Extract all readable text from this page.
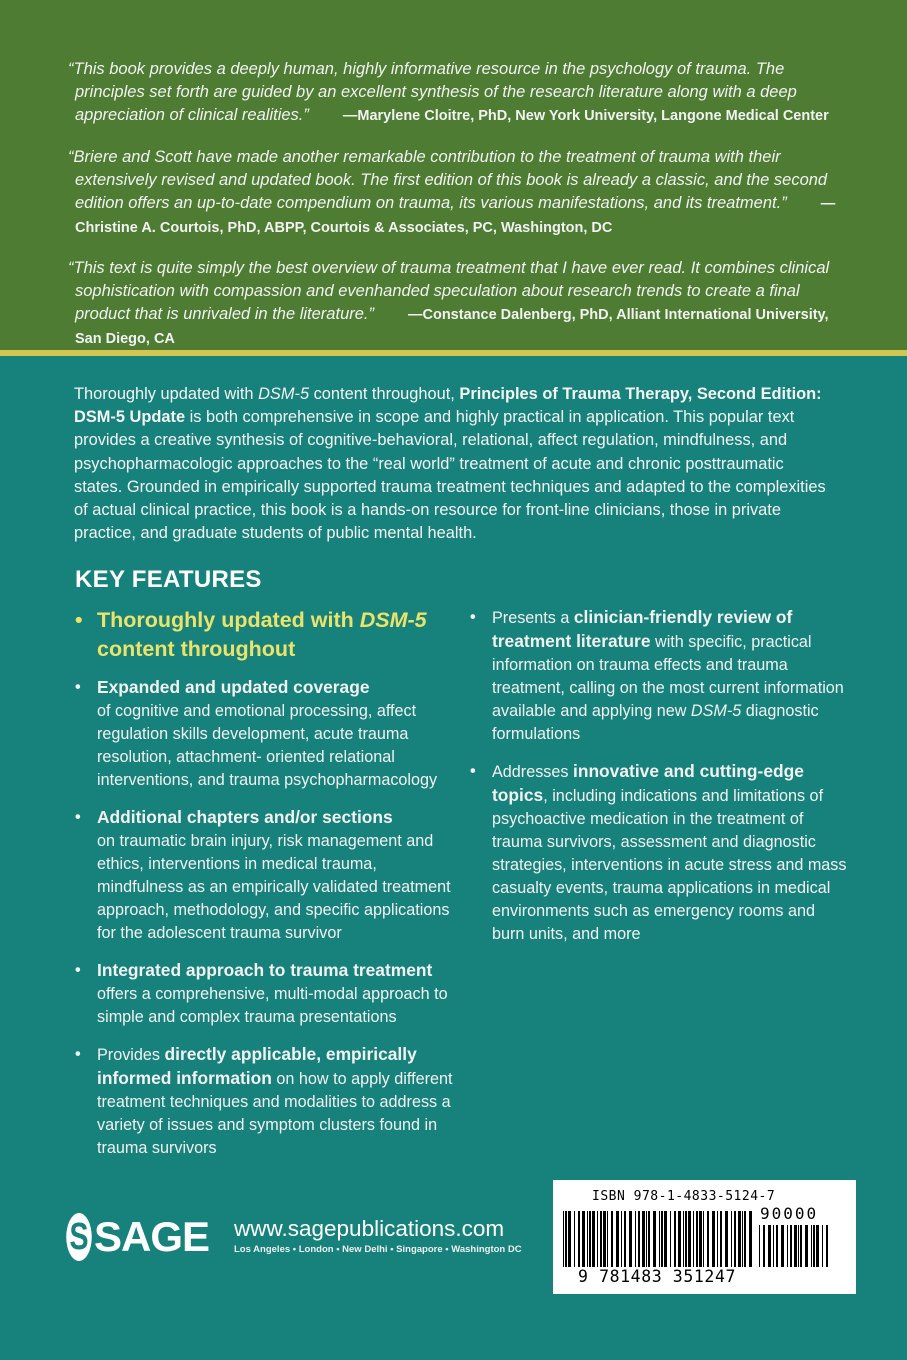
“This book provides a deeply human, highly informative resource in the psychology of trauma. The principles set forth are guided by an excellent synthesis of the research literature along with a deep appreciation of clinical realities.” —Marylene Cloitre, PhD, New York University, Langone Medical Center

“Briere and Scott have made another remarkable contribution to the treatment of trauma with their extensively revised and updated book. The first edition of this book is already a classic, and the second edition offers an up-to-date compendium on trauma, its various manifestations, and its treatment.” —Christine A. Courtois, PhD, ABPP, Courtois & Associates, PC, Washington, DC

“This text is quite simply the best overview of trauma treatment that I have ever read. It combines clinical sophistication with compassion and evenhanded speculation about research trends to create a final product that is unrivaled in the literature.” —Constance Dalenberg, PhD, Alliant International University, San Diego, CA

Thoroughly updated with DSM-5 content throughout, Principles of Trauma Therapy, Second Edition: DSM-5 Update is both comprehensive in scope and highly practical in application. This popular text provides a creative synthesis of cognitive-behavioral, relational, affect regulation, mindfulness, and psychopharmacologic approaches to the “real world” treatment of acute and chronic posttraumatic states. Grounded in empirically supported trauma treatment techniques and adapted to the complexities of actual clinical practice, this book is a hands-on resource for front-line clinicians, those in private practice, and graduate students of public mental health.
KEY FEATURES
• Thoroughly updated with DSM-5 content throughout
• Expanded and updated coverage
of cognitive and emotional processing, affect regulation skills development, acute trauma resolution, attachment- oriented relational interventions, and trauma psychopharmacology
• Additional chapters and/or sections
on traumatic brain injury, risk management and ethics, interventions in medical trauma, mindfulness as an empirically validated treatment approach, methodology, and specific applications for the adolescent trauma survivor
• Integrated approach to trauma treatment offers a comprehensive, multi-modal approach to simple and complex trauma presentations
• Provides directly applicable, empirically informed information on how to apply different treatment techniques and modalities to address a variety of issues and symptom clusters found in trauma survivors
• Presents a clinician-friendly review of treatment literature with specific, practical information on trauma effects and trauma treatment, calling on the most current information available and applying new DSM-5 diagnostic formulations
• Addresses innovative and cutting-edge topics, including indications and limitations of psychoactive medication in the treatment of trauma survivors, assessment and diagnostic strategies, interventions in acute stress and mass casualty events, trauma applications in medical environments such as emergency rooms and burn units, and more
S SAGE www.sagepublications.com
Los Angeles • London • New Delhi • Singapore • Washington DC
ISBN 978-1-4833-5124-7
90000
9 781483 351247
